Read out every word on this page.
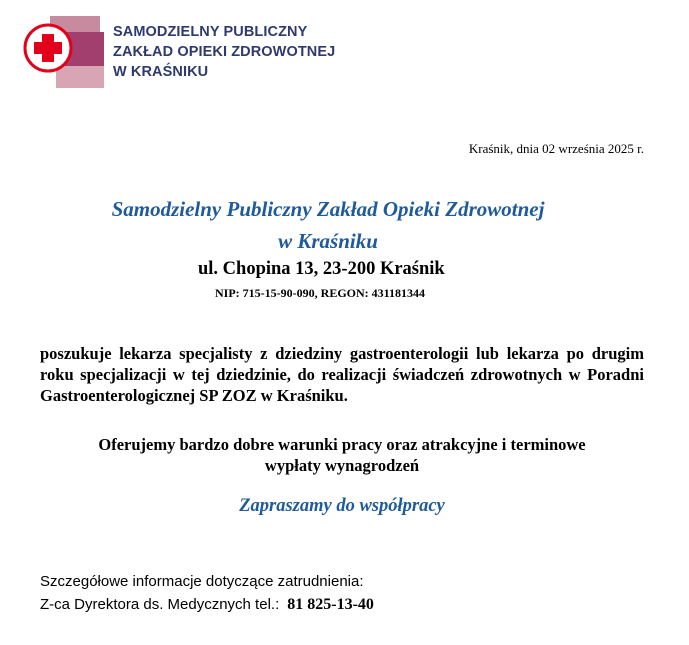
SAMODZIELNY PUBLICZNY
ZAKŁAD OPIEKI ZDROWOTNEJ
W KRAŚNIKU
Kraśnik, dnia 02 września 2025 r.
Samodzielny Publiczny Zakład Opieki Zdrowotnej
w Kraśniku
ul. Chopina 13, 23-200 Kraśnik
NIP: 715-15-90-090, REGON: 431181344
poszukuje lekarza specjalisty z dziedziny gastroenterologii lub lekarza po drugim roku specjalizacji w tej dziedzinie, do realizacji świadczeń zdrowotnych w Poradni Gastroenterologicznej SP ZOZ w Kraśniku.
Oferujemy bardzo dobre warunki pracy oraz atrakcyjne i terminowe
wypłaty wynagrodzeń
Zapraszamy do współpracy
Szczegółowe informacje dotyczące zatrudnienia:
Z-ca Dyrektora ds. Medycznych tel.: 81 825-13-40
